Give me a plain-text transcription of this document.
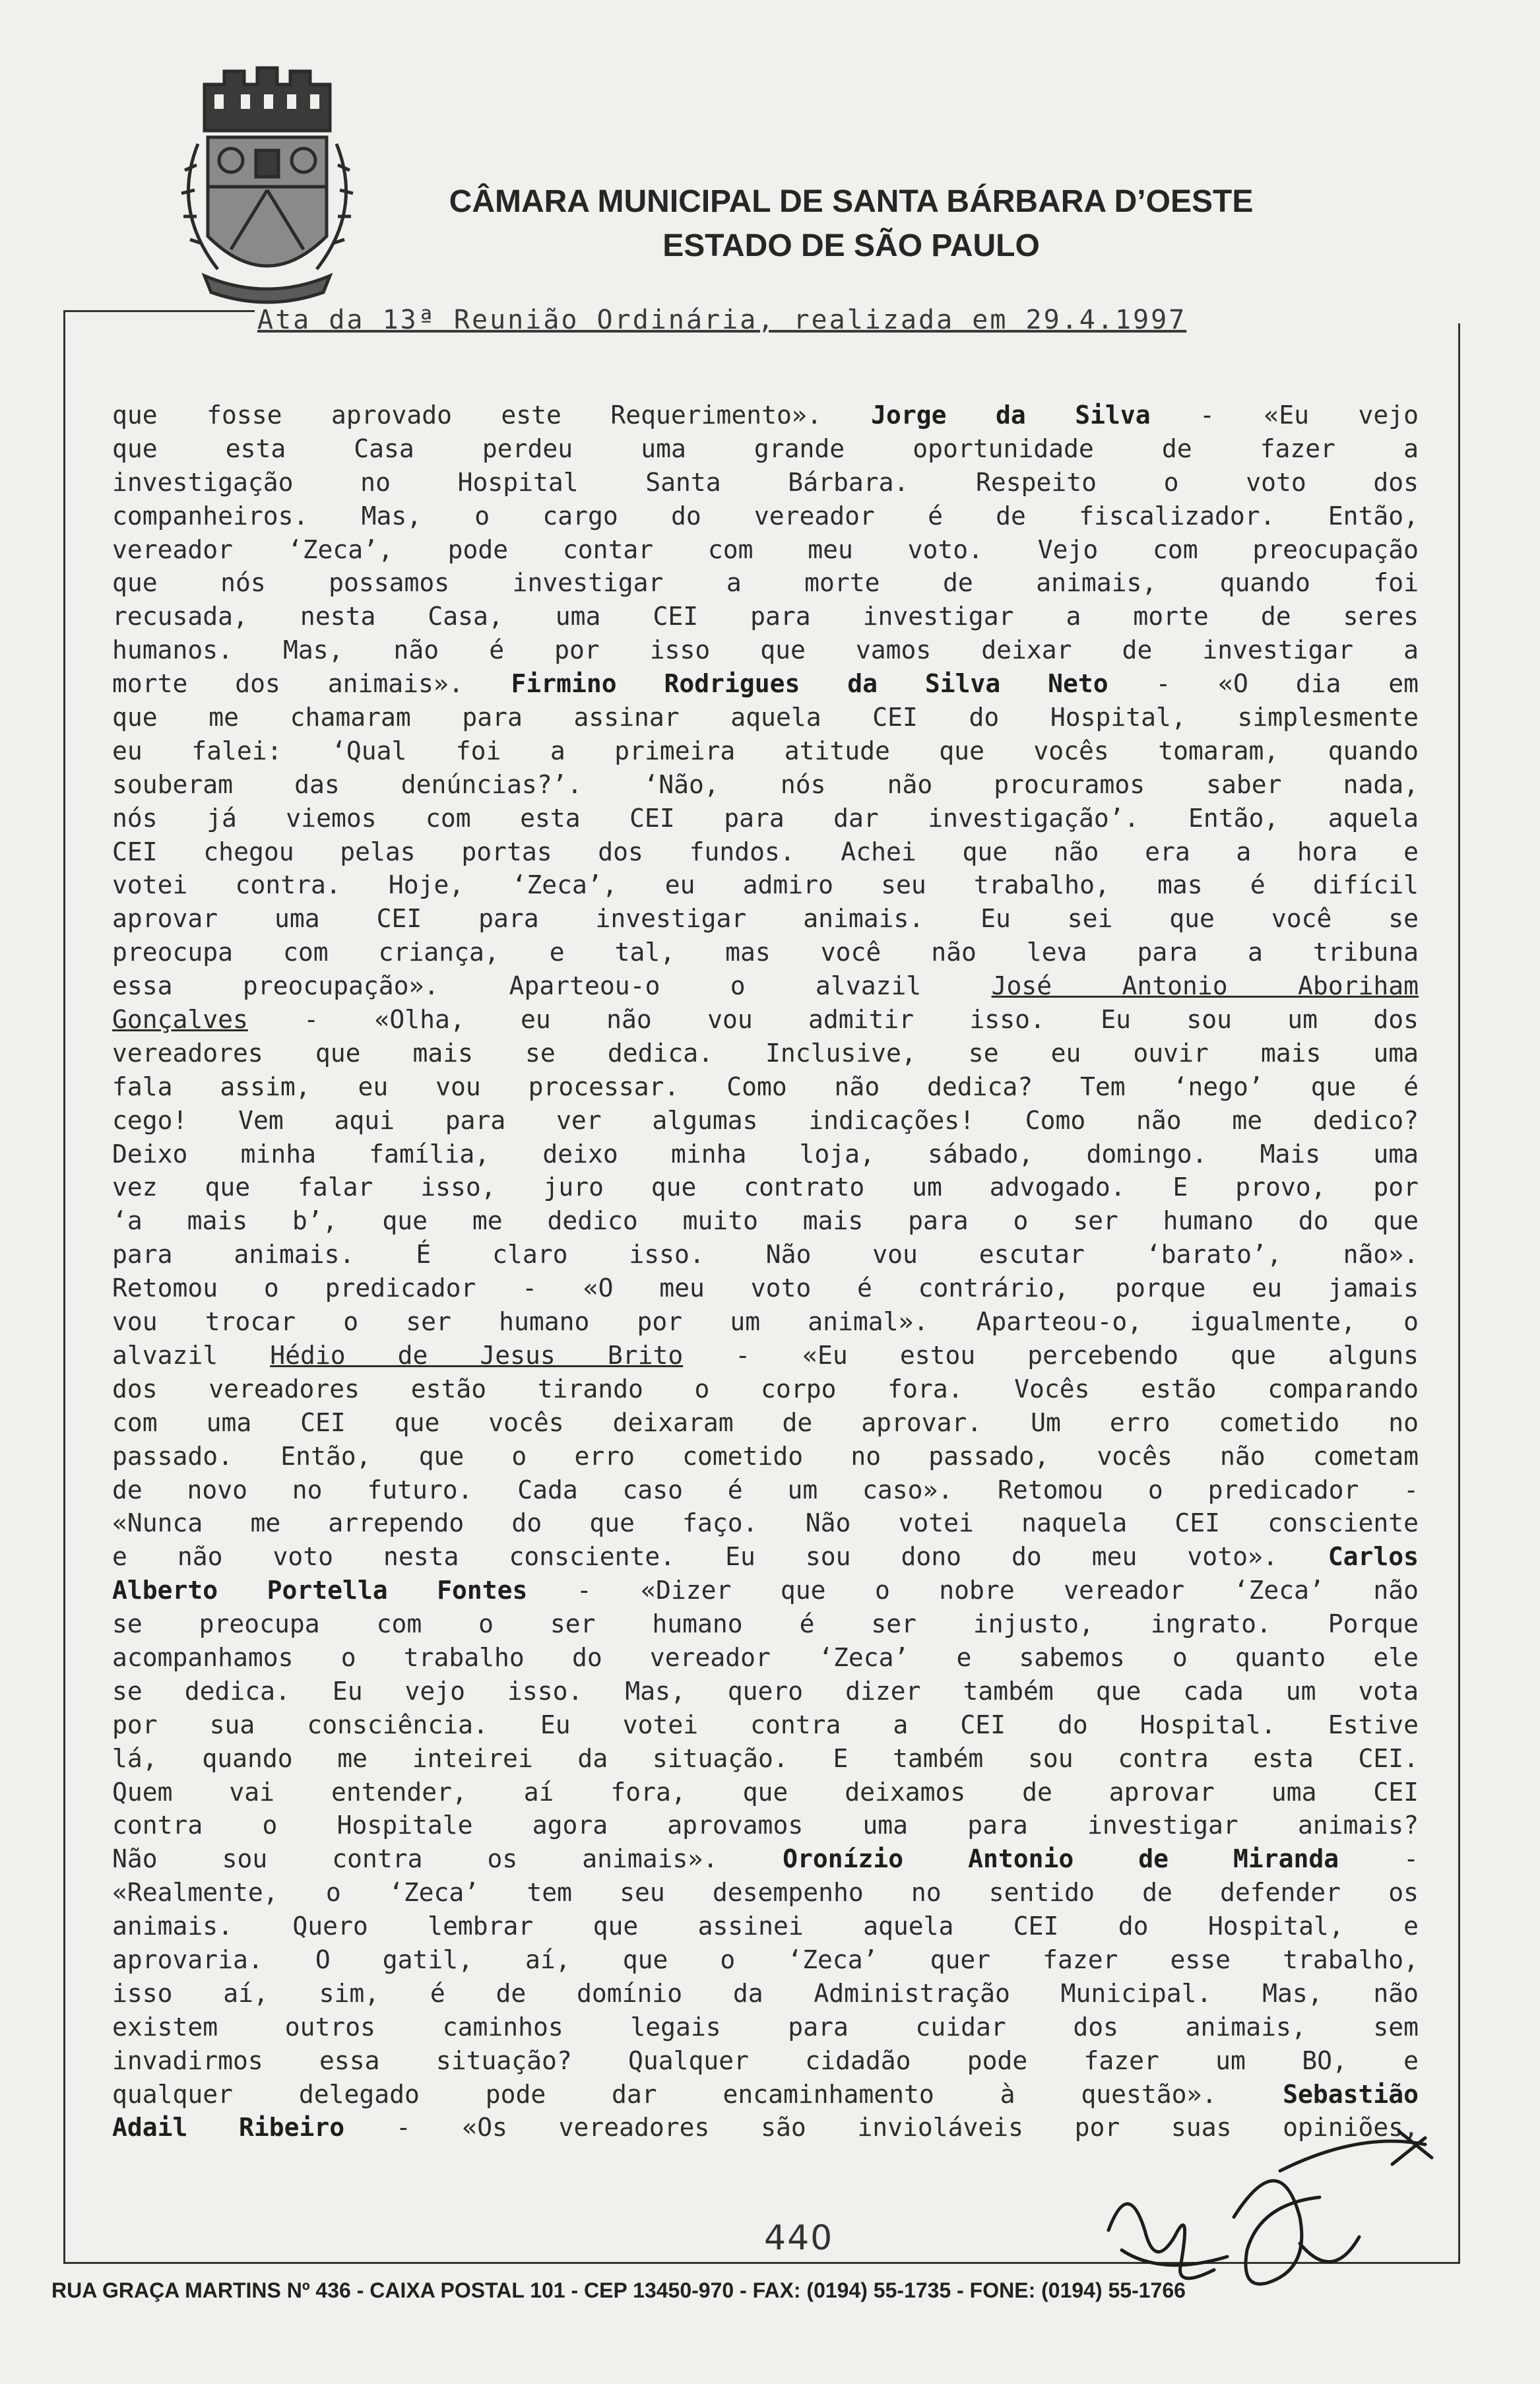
CÂMARA MUNICIPAL DE SANTA BÁRBARA D’OESTE
ESTADO DE SÃO PAULO
Ata da 13ª Reunião Ordinária, realizada em 29.4.1997
que fosse aprovado este Requerimento». Jorge da Silva - «Eu vejo
que esta Casa perdeu uma grande oportunidade de fazer a
investigação no Hospital Santa Bárbara. Respeito o voto dos
companheiros. Mas, o cargo do vereador é de fiscalizador. Então,
vereador ‘Zeca’, pode contar com meu voto. Vejo com preocupação
que nós possamos investigar a morte de animais, quando foi
recusada, nesta Casa, uma CEI para investigar a morte de seres
humanos. Mas, não é por isso que vamos deixar de investigar a
morte dos animais». Firmino Rodrigues da Silva Neto - «O dia em
que me chamaram para assinar aquela CEI do Hospital, simplesmente
eu falei: ‘Qual foi a primeira atitude que vocês tomaram, quando
souberam das denúncias?’. ‘Não, nós não procuramos saber nada,
nós já viemos com esta CEI para dar investigação’. Então, aquela
CEI chegou pelas portas dos fundos. Achei que não era a hora e
votei contra. Hoje, ‘Zeca’, eu admiro seu trabalho, mas é difícil
aprovar uma CEI para investigar animais. Eu sei que você se
preocupa com criança, e tal, mas você não leva para a tribuna
essa preocupação». Aparteou-o o alvazil José Antonio Aboriham
Gonçalves - «Olha, eu não vou admitir isso. Eu sou um dos
vereadores que mais se dedica. Inclusive, se eu ouvir mais uma
fala assim, eu vou processar. Como não dedica? Tem ‘nego’ que é
cego! Vem aqui para ver algumas indicações! Como não me dedico?
Deixo minha família, deixo minha loja, sábado, domingo. Mais uma
vez que falar isso, juro que contrato um advogado. E provo, por
‘a mais b’, que me dedico muito mais para o ser humano do que
para animais. É claro isso. Não vou escutar ‘barato’, não».
Retomou o predicador - «O meu voto é contrário, porque eu jamais
vou trocar o ser humano por um animal». Aparteou-o, igualmente, o
alvazil Hédio de Jesus Brito - «Eu estou percebendo que alguns
dos vereadores estão tirando o corpo fora. Vocês estão comparando
com uma CEI que vocês deixaram de aprovar. Um erro cometido no
passado. Então, que o erro cometido no passado, vocês não cometam
de novo no futuro. Cada caso é um caso». Retomou o predicador -
«Nunca me arrependo do que faço. Não votei naquela CEI consciente
e não voto nesta consciente. Eu sou dono do meu voto». Carlos
Alberto Portella Fontes - «Dizer que o nobre vereador ‘Zeca’ não
se preocupa com o ser humano é ser injusto, ingrato. Porque
acompanhamos o trabalho do vereador ‘Zeca’ e sabemos o quanto ele
se dedica. Eu vejo isso. Mas, quero dizer também que cada um vota
por sua consciência. Eu votei contra a CEI do Hospital. Estive
lá, quando me inteirei da situação. E também sou contra esta CEI.
Quem vai entender, aí fora, que deixamos de aprovar uma CEI
contra o Hospitale agora aprovamos uma para investigar animais?
Não sou contra os animais». Oronízio Antonio de Miranda -
«Realmente, o ‘Zeca’ tem seu desempenho no sentido de defender os
animais. Quero lembrar que assinei aquela CEI do Hospital, e
aprovaria. O gatil, aí, que o ‘Zeca’ quer fazer esse trabalho,
isso aí, sim, é de domínio da Administração Municipal. Mas, não
existem outros caminhos legais para cuidar dos animais, sem
invadirmos essa situação? Qualquer cidadão pode fazer um BO, e
qualquer delegado pode dar encaminhamento à questão». Sebastião
Adail Ribeiro - «Os vereadores são invioláveis por suas opiniões,
440
RUA GRAÇA MARTINS Nº 436 - CAIXA POSTAL 101 - CEP 13450-970 - FAX: (0194) 55-1735 - FONE: (0194) 55-1766
